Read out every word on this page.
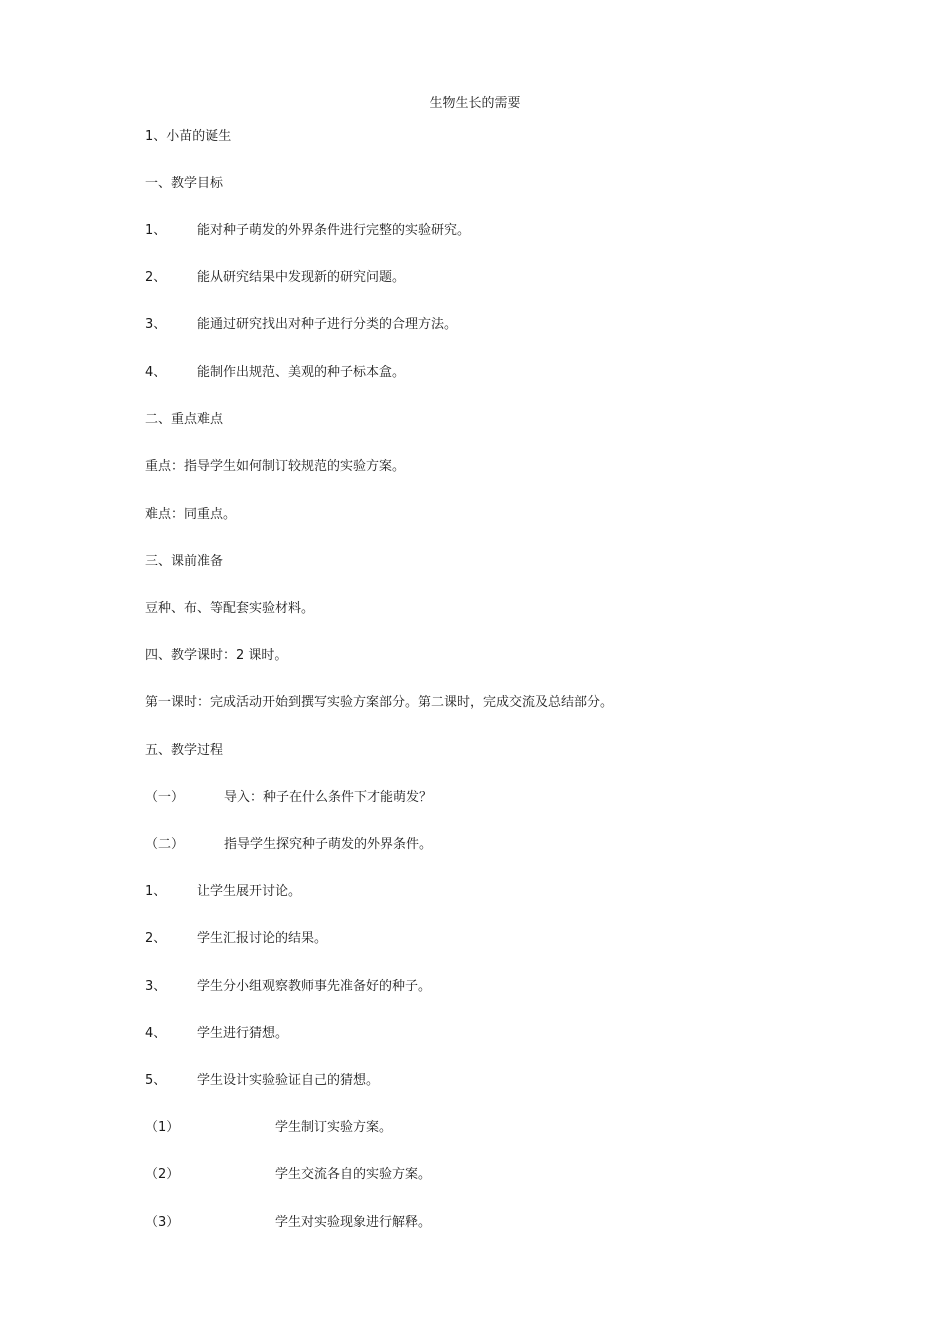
生物生长的需要
1、小苗的诞生
一、教学目标
1、 能对种子萌发的外界条件进行完整的实验研究。
2、 能从研究结果中发现新的研究问题。
3、 能通过研究找出对种子进行分类的合理方法。
4、 能制作出规范、美观的种子标本盒。
二、重点难点
重点：指导学生如何制订较规范的实验方案。
难点：同重点。
三、课前准备
豆种、布、等配套实验材料。
四、教学课时：2 课时。
第一课时：完成活动开始到撰写实验方案部分。第二课时，完成交流及总结部分。
五、教学过程
（一）	导入：种子在什么条件下才能萌发？
（二）	指导学生探究种子萌发的外界条件。
1、 让学生展开讨论。
2、 学生汇报讨论的结果。
3、 学生分小组观察教师事先准备好的种子。
4、 学生进行猜想。
5、 学生设计实验验证自己的猜想。
（1）	学生制订实验方案。
（2）	学生交流各自的实验方案。
（3）	学生对实验现象进行解释。
